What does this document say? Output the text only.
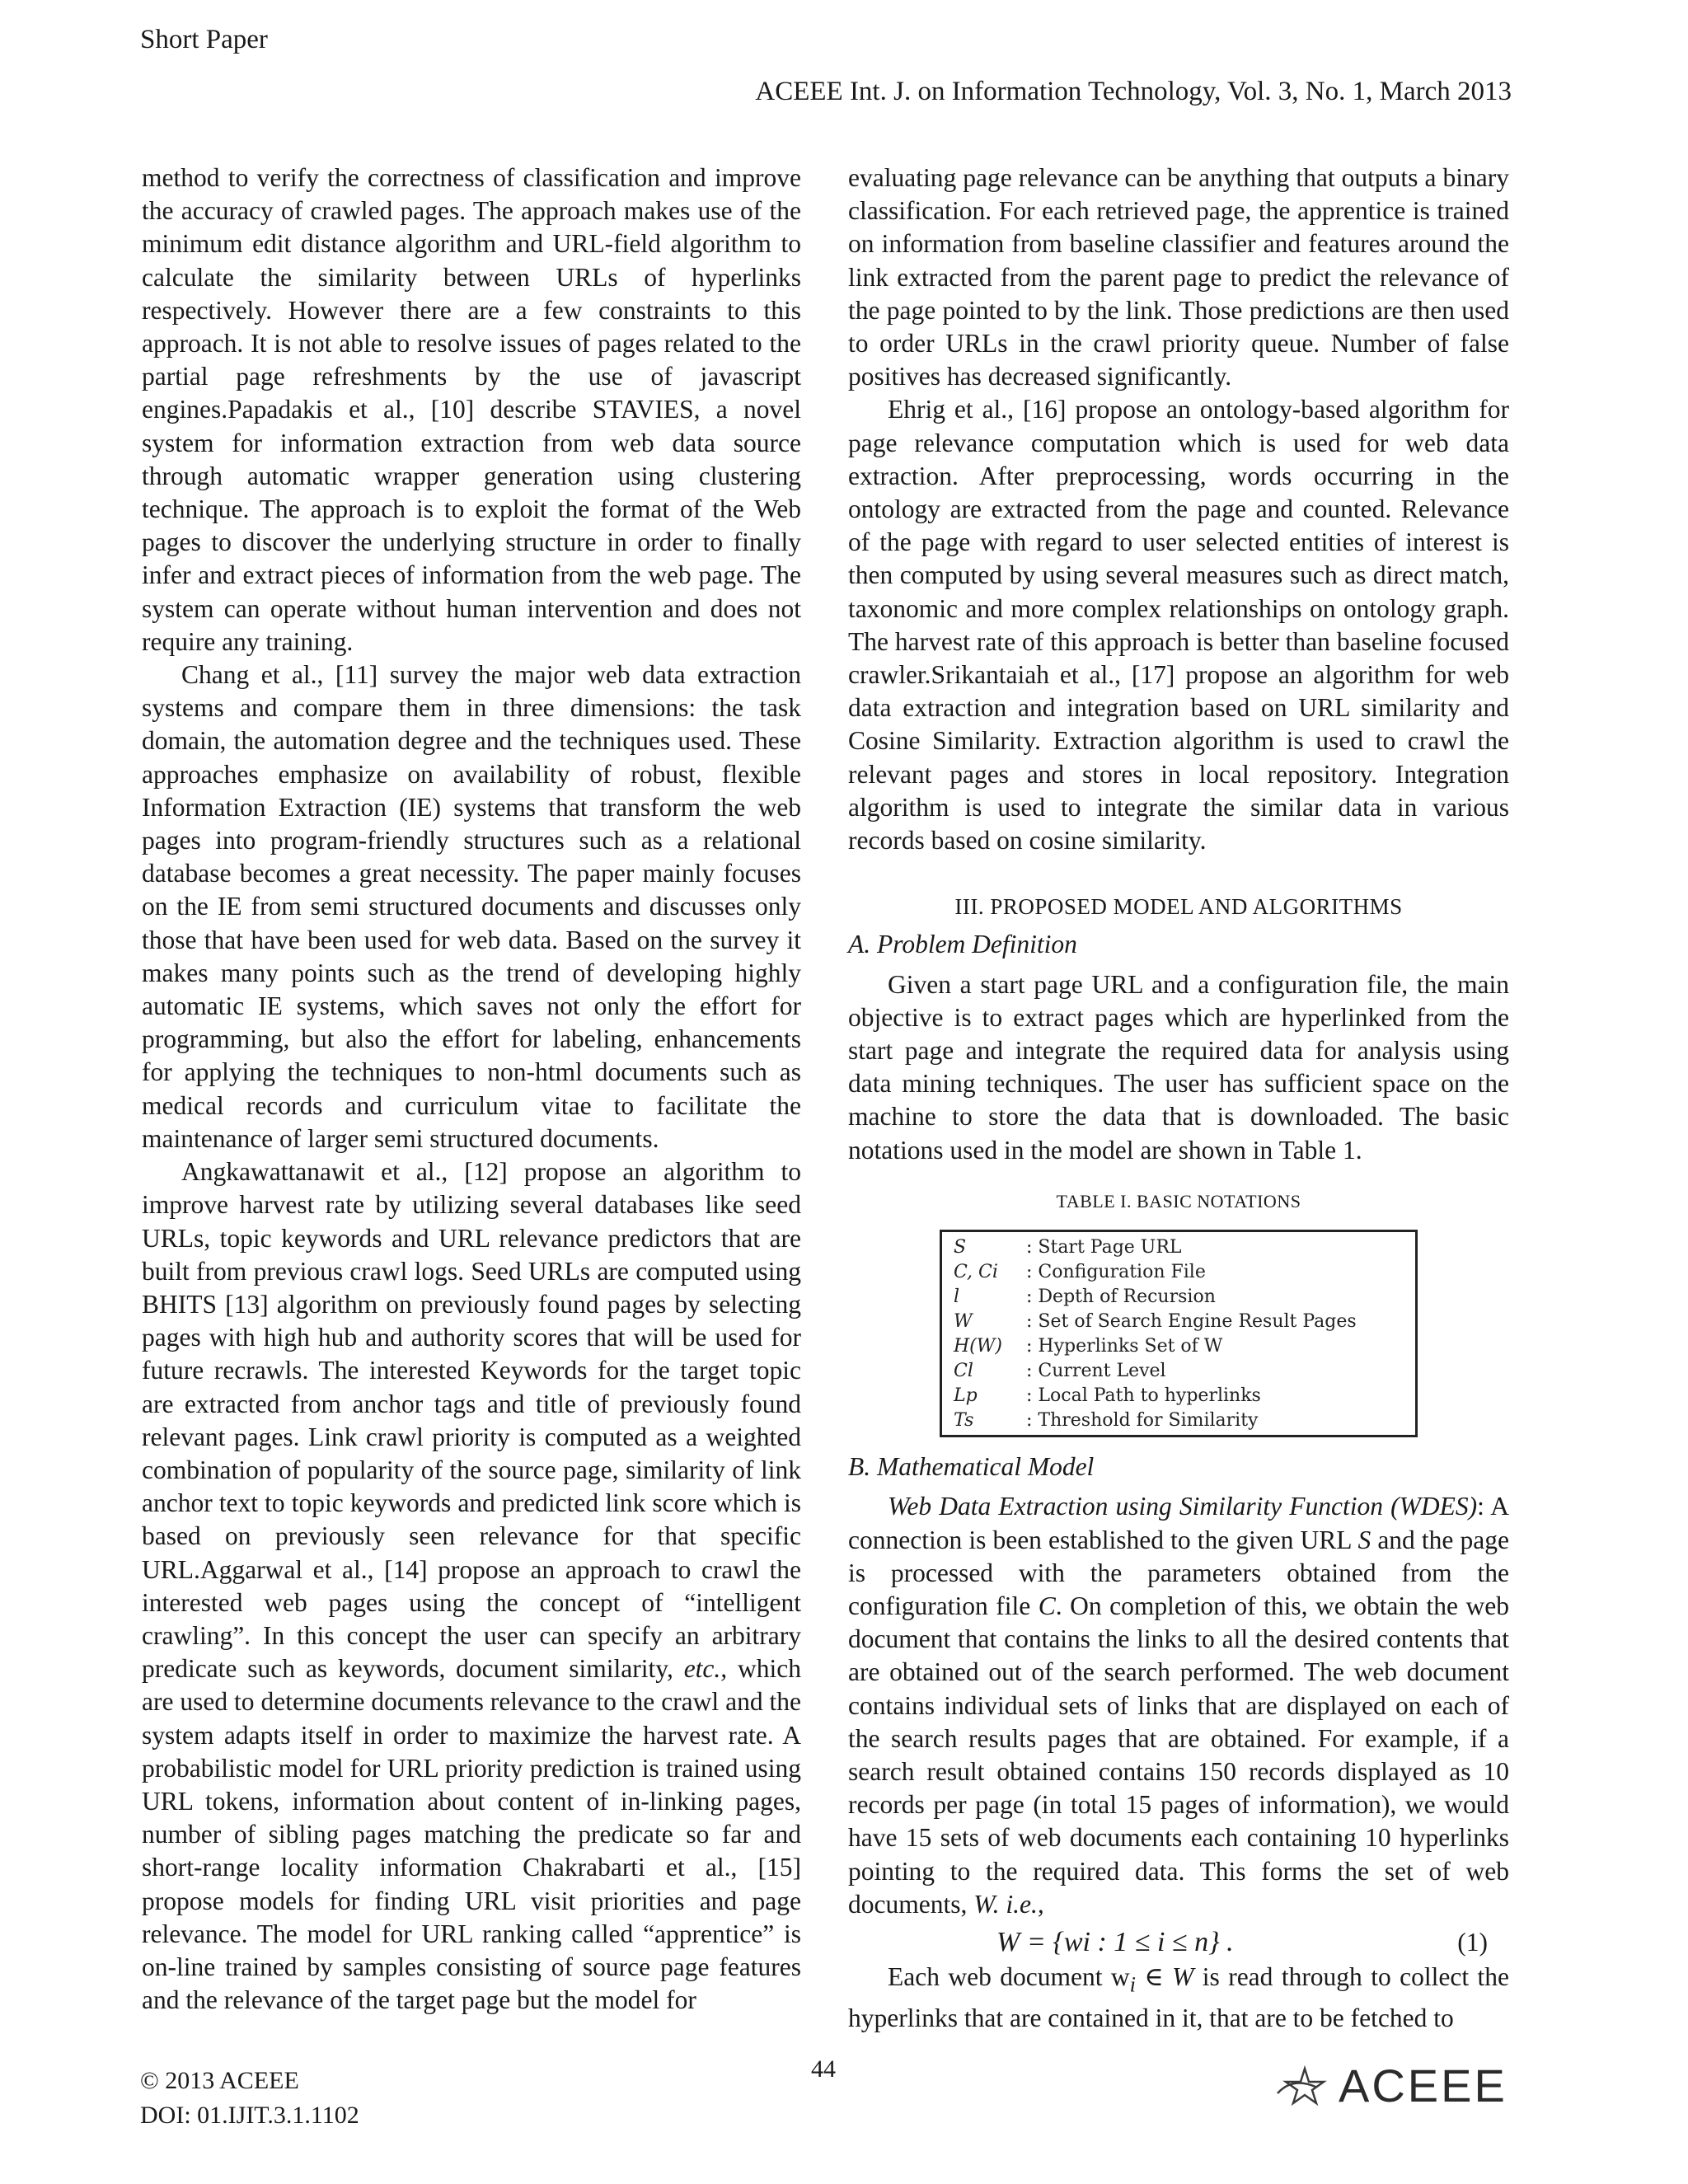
Short Paper
ACEEE Int. J. on Information Technology, Vol. 3, No. 1, March 2013

method to verify the correctness of classification and improve the accuracy of crawled pages. The approach makes use of the minimum edit distance algorithm and URL-field algorithm to calculate the similarity between URLs of hyperlinks respectively. However there are a few constraints to this approach. It is not able to resolve issues of pages related to the partial page refreshments by the use of javascript engines.Papadakis et al., [10] describe STAVIES, a novel system for information extraction from web data source through automatic wrapper generation using clustering technique. The approach is to exploit the format of the Web pages to discover the underlying structure in order to finally infer and extract pieces of information from the web page. The system can operate without human intervention and does not require any training.

Chang et al., [11] survey the major web data extraction systems and compare them in three dimensions: the task domain, the automation degree and the techniques used. These approaches emphasize on availability of robust, flexible Information Extraction (IE) systems that transform the web pages into program-friendly structures such as a relational database becomes a great necessity. The paper mainly focuses on the IE from semi structured documents and discusses only those that have been used for web data. Based on the survey it makes many points such as the trend of developing highly automatic IE systems, which saves not only the effort for programming, but also the effort for labeling, enhancements for applying the techniques to non-html documents such as medical records and curriculum vitae to facilitate the maintenance of larger semi structured documents.

Angkawattanawit et al., [12] propose an algorithm to improve harvest rate by utilizing several databases like seed URLs, topic keywords and URL relevance predictors that are built from previous crawl logs. Seed URLs are computed using BHITS [13] algorithm on previously found pages by selecting pages with high hub and authority scores that will be used for future recrawls. The interested Keywords for the target topic are extracted from anchor tags and title of previously found relevant pages. Link crawl priority is computed as a weighted combination of popularity of the source page, similarity of link anchor text to topic keywords and predicted link score which is based on previously seen relevance for that specific URL.Aggarwal et al., [14] propose an approach to crawl the interested web pages using the concept of “intelligent crawling”. In this concept the user can specify an arbitrary predicate such as keywords, document similarity, etc., which are used to determine documents relevance to the crawl and the system adapts itself in order to maximize the harvest rate. A probabilistic model for URL priority prediction is trained using URL tokens, information about content of in-linking pages, number of sibling pages matching the predicate so far and short-range locality information Chakrabarti et al., [15] propose models for finding URL visit priorities and page relevance. The model for URL ranking called “apprentice” is on-line trained by samples consisting of source page features and the relevance of the target page but the model for

evaluating page relevance can be anything that outputs a binary classification. For each retrieved page, the apprentice is trained on information from baseline classifier and features around the link extracted from the parent page to predict the relevance of the page pointed to by the link. Those predictions are then used to order URLs in the crawl priority queue. Number of false positives has decreased significantly.

Ehrig et al., [16] propose an ontology-based algorithm for page relevance computation which is used for web data extraction. After preprocessing, words occurring in the ontology are extracted from the page and counted. Relevance of the page with regard to user selected entities of interest is then computed by using several measures such as direct match, taxonomic and more complex relationships on ontology graph. The harvest rate of this approach is better than baseline focused crawler.Srikantaiah et al., [17] propose an algorithm for web data extraction and integration based on URL similarity and Cosine Similarity. Extraction algorithm is used to crawl the relevant pages and stores in local repository. Integration algorithm is used to integrate the similar data in various records based on cosine similarity.

III. PROPOSED MODEL AND ALGORITHMS
A. Problem Definition

Given a start page URL and a configuration file, the main objective is to extract pages which are hyperlinked from the start page and integrate the required data for analysis using data mining techniques. The user has sufficient space on the machine to store the data that is downloaded. The basic notations used in the model are shown in Table 1.

TABLE I. BASIC NOTATIONS
S	: Start Page URL
C, Ci	: Configuration File
l	: Depth of Recursion
W	: Set of Search Engine Result Pages
H(W)	: Hyperlinks Set of W
Cl	: Current Level
Lp	: Local Path to hyperlinks
Ts	: Threshold for Similarity
B. Mathematical Model

Web Data Extraction using Similarity Function (WDES): A connection is been established to the given URL S and the page is processed with the parameters obtained from the configuration file C. On completion of this, we obtain the web document that contains the links to all the desired contents that are obtained out of the search performed. The web document contains individual sets of links that are displayed on each of the search results pages that are obtained. For example, if a search result obtained contains 150 records displayed as 10 records per page (in total 15 pages of information), we would have 15 sets of web documents each containing 10 hyperlinks pointing to the required data. This forms the set of web documents, W. i.e.,

W = {wi : 1 ≤ i ≤ n} .	(1)

Each web document $w_i$ ∈ W is read through to collect the hyperlinks that are contained in it, that are to be fetched to

© 2013 ACEEE
DOI: 01.IJIT.3.1.1102
44	ACEEE
